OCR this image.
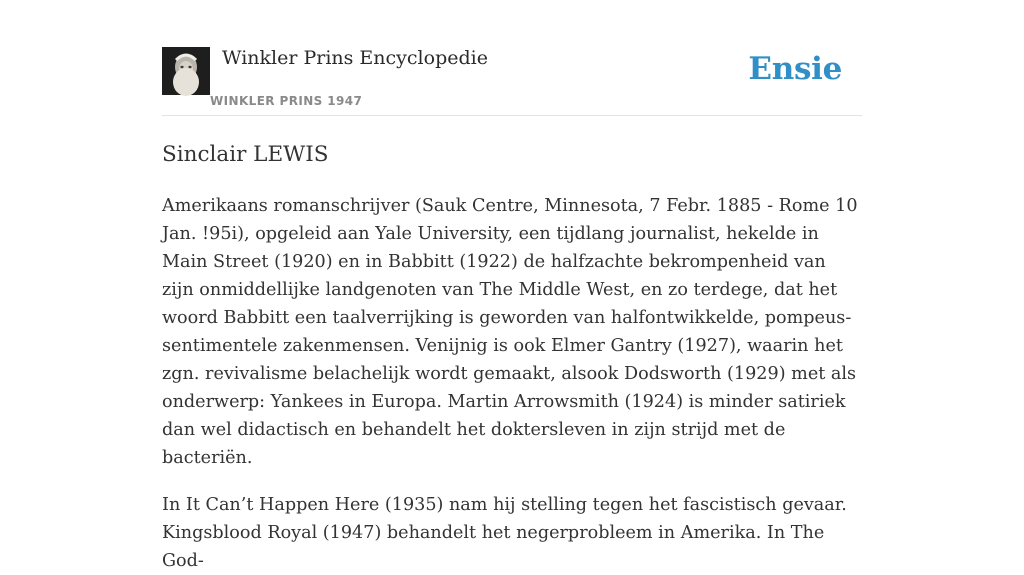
Winkler Prins Encyclopedie
WINKLER PRINS 1947
Ensie
Sinclair LEWIS

Amerikaans romanschrijver (Sauk Centre, Minnesota, 7 Febr. 1885 - Rome 10 Jan. !95i), opgeleid aan Yale University, een tijdlang journalist, hekelde in Main Street (1920) en in Babbitt (1922) de halfzachte bekrompenheid van zijn onmiddellijke landgenoten van The Middle West, en zo terdege, dat het woord Babbitt een taalverrijking is geworden van halfontwikkelde, pompeus-sentimentele zakenmensen. Venijnig is ook Elmer Gantry (1927), waarin het zgn. revivalisme belachelijk wordt gemaakt, alsook Dodsworth (1929) met als onderwerp: Yankees in Europa. Martin Arrowsmith (1924) is minder satiriek dan wel didactisch en behandelt het doktersleven in zijn strijd met de bacteriën.

In It Can’t Happen Here (1935) nam hij stelling tegen het fascistisch gevaar. Kingsblood Royal (1947) behandelt het negerprobleem in Amerika. In The God-
